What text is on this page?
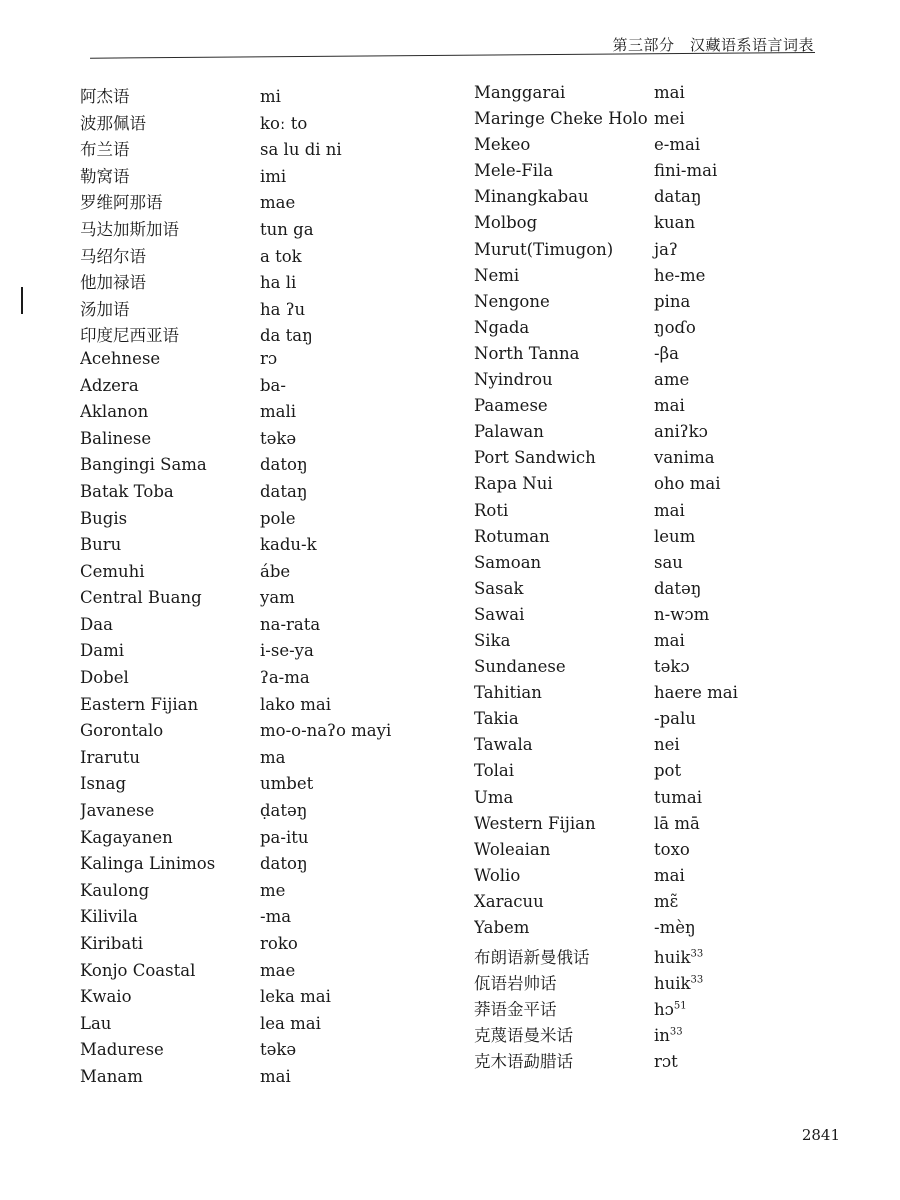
第三部分　汉藏语系语言词表
阿杰语	mi
波那佩语	koː to
布兰语	sa lu di ni
勒窝语	imi
罗维阿那语	mae
马达加斯加语	tun ga
马绍尔语	a tok
他加禄语	ha li
汤加语	ha ʔu
印度尼西亚语	da taŋ
Acehnese	rɔ
Adzera	ba-
Aklanon	mali
Balinese	təkə
Bangingi Sama	datoŋ
Batak Toba	dataŋ
Bugis	pole
Buru	kadu-k
Cemuhi	ábe
Central Buang	yam
Daa	na-rata
Dami	i-se-ya
Dobel	ʔa-ma
Eastern Fijian	lako mai
Gorontalo	mo-o-naʔo mayi
Irarutu	ma
Isnag	umbet
Javanese	ḍatəŋ
Kagayanen	pa-itu
Kalinga Linimos	datoŋ
Kaulong	me
Kilivila	-ma
Kiribati	roko
Konjo Coastal	mae
Kwaio	leka mai
Lau	lea mai
Madurese	təkə
Manam	mai
Manggarai	mai
Maringe Cheke Holo mei
Mekeo	e-mai
Mele-Fila	fini-mai
Minangkabau	dataŋ
Molbog	kuan
Murut(Timugon)	jaʔ
Nemi	he-me
Nengone	pina
Ngada	ŋoɗo
North Tanna	-βa
Nyindrou	ame
Paamese	mai
Palawan	aniʔkɔ
Port Sandwich	vanima
Rapa Nui	oho mai
Roti	mai
Rotuman	leum
Samoan	sau
Sasak	datəŋ
Sawai	n-wɔm
Sika	mai
Sundanese	təkɔ
Tahitian	haere mai
Takia	-palu
Tawala	nei
Tolai	pot
Uma	tumai
Western Fijian	lā mā
Woleaian	toxo
Wolio	mai
Xaracuu	mɛ̃
Yabem	-mèŋ
布朗语新曼俄话	huik$^{33}$
佤语岩帅话	huik$^{33}$
莽语金平话	hɔ$^{51}$
克蔑语曼米话	$in^{33}$
克木语勐腊话	rɔt
2841
